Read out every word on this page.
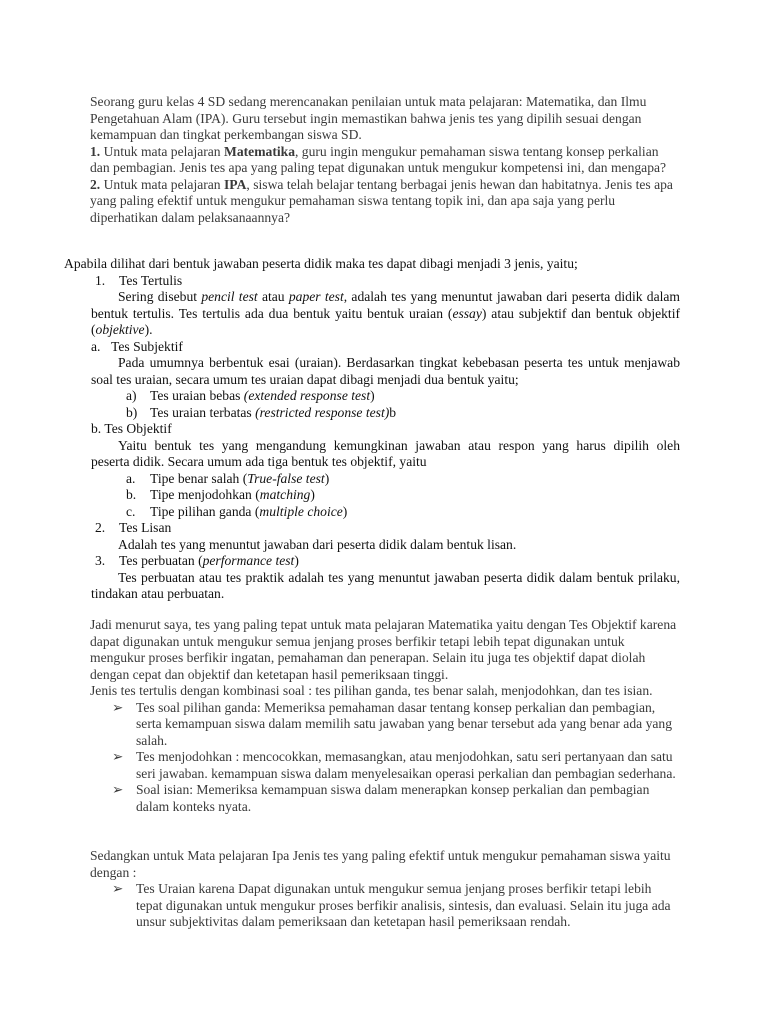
Seorang guru kelas 4 SD sedang merencanakan penilaian untuk mata pelajaran: Matematika, dan Ilmu Pengetahuan Alam (IPA). Guru tersebut ingin memastikan bahwa jenis tes yang dipilih sesuai dengan kemampuan dan tingkat perkembangan siswa SD.

1. Untuk mata pelajaran Matematika, guru ingin mengukur pemahaman siswa tentang konsep perkalian dan pembagian. Jenis tes apa yang paling tepat digunakan untuk mengukur kompetensi ini, dan mengapa?

2. Untuk mata pelajaran IPA, siswa telah belajar tentang berbagai jenis hewan dan habitatnya. Jenis tes apa yang paling efektif untuk mengukur pemahaman siswa tentang topik ini, dan apa saja yang perlu diperhatikan dalam pelaksanaannya?

Apabila dilihat dari bentuk jawaban peserta didik maka tes dapat dibagi menjadi 3 jenis, yaitu;
1. Tes Tertulis
Sering disebut pencil test atau paper test, adalah tes yang menuntut jawaban dari peserta didik dalam
bentuk tertulis. Tes tertulis ada dua bentuk yaitu bentuk uraian (essay) atau subjektif dan bentuk objektif
(objektive).
a. Tes Subjektif
Pada umumnya berbentuk esai (uraian). Berdasarkan tingkat kebebasan peserta tes untuk menjawab
soal tes uraian, secara umum tes uraian dapat dibagi menjadi dua bentuk yaitu;
a) Tes uraian bebas (extended response test)
b) Tes uraian terbatas (restricted response test)b
b. Tes Objektif
Yaitu bentuk tes yang mengandung kemungkinan jawaban atau respon yang harus dipilih oleh
peserta didik. Secara umum ada tiga bentuk tes objektif, yaitu
a. Tipe benar salah (True-false test)
b. Tipe menjodohkan (matching)
c. Tipe pilihan ganda (multiple choice)
2. Tes Lisan
Adalah tes yang menuntut jawaban dari peserta didik dalam bentuk lisan.
3. Tes perbuatan (performance test)
Tes perbuatan atau tes praktik adalah tes yang menuntut jawaban peserta didik dalam bentuk prilaku,
tindakan atau perbuatan.
Jadi menurut saya, tes yang paling tepat untuk mata pelajaran Matematika yaitu dengan Tes Objektif karena dapat digunakan untuk mengukur semua jenjang proses berfikir tetapi lebih tepat digunakan untuk mengukur proses berfikir ingatan, pemahaman dan penerapan. Selain itu juga tes objektif dapat diolah dengan cepat dan objektif dan ketetapan hasil pemeriksaan tinggi.
Jenis tes tertulis dengan kombinasi soal : tes pilihan ganda, tes benar salah, menjodohkan, dan tes isian.
➢ Tes soal pilihan ganda: Memeriksa pemahaman dasar tentang konsep perkalian dan pembagian, serta kemampuan siswa dalam memilih satu jawaban yang benar tersebut ada yang benar ada yang salah.
➢ Tes menjodohkan : mencocokkan, memasangkan, atau menjodohkan, satu seri pertanyaan dan satu seri jawaban. kemampuan siswa dalam menyelesaikan operasi perkalian dan pembagian sederhana.
➢ Soal isian: Memeriksa kemampuan siswa dalam menerapkan konsep perkalian dan pembagian dalam konteks nyata.
Sedangkan untuk Mata pelajaran Ipa Jenis tes yang paling efektif untuk mengukur pemahaman siswa yaitu dengan :
➢ Tes Uraian karena Dapat digunakan untuk mengukur semua jenjang proses berfikir tetapi lebih tepat digunakan untuk mengukur proses berfikir analisis, sintesis, dan evaluasi. Selain itu juga ada unsur subjektivitas dalam pemeriksaan dan ketetapan hasil pemeriksaan rendah.
